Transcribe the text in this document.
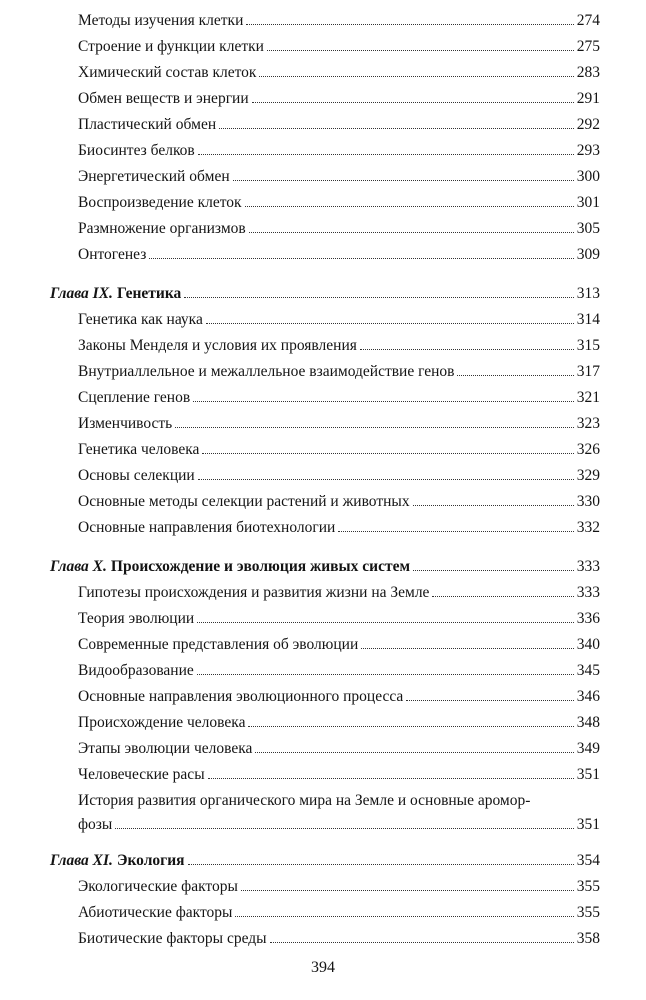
Методы изучения клетки	274
Строение и функции клетки	275
Химический состав клеток	283
Обмен веществ и энергии	291
Пластический обмен	292
Биосинтез белков	293
Энергетический обмен	300
Воспроизведение клеток	301
Размножение организмов	305
Онтогенез	309
Глава IX. Генетика	313
Генетика как наука	314
Законы Менделя и условия их проявления	315
Внутриаллельное и межаллельное взаимодействие генов	317
Сцепление генов	321
Изменчивость	323
Генетика человека	326
Основы селекции	329
Основные методы селекции растений и животных	330
Основные направления биотехнологии	332
Глава X. Происхождение и эволюция живых систем	333
Гипотезы происхождения и развития жизни на Земле	333
Теория эволюции	336
Современные представления об эволюции	340
Видообразование	345
Основные направления эволюционного процесса	346
Происхождение человека	348
Этапы эволюции человека	349
Человеческие расы	351
История развития органического мира на Земле и основные аромор-
фозы	351
Глава XI. Экология	354
Экологические факторы	355
Абиотические факторы	355
Биотические факторы среды	358
394
